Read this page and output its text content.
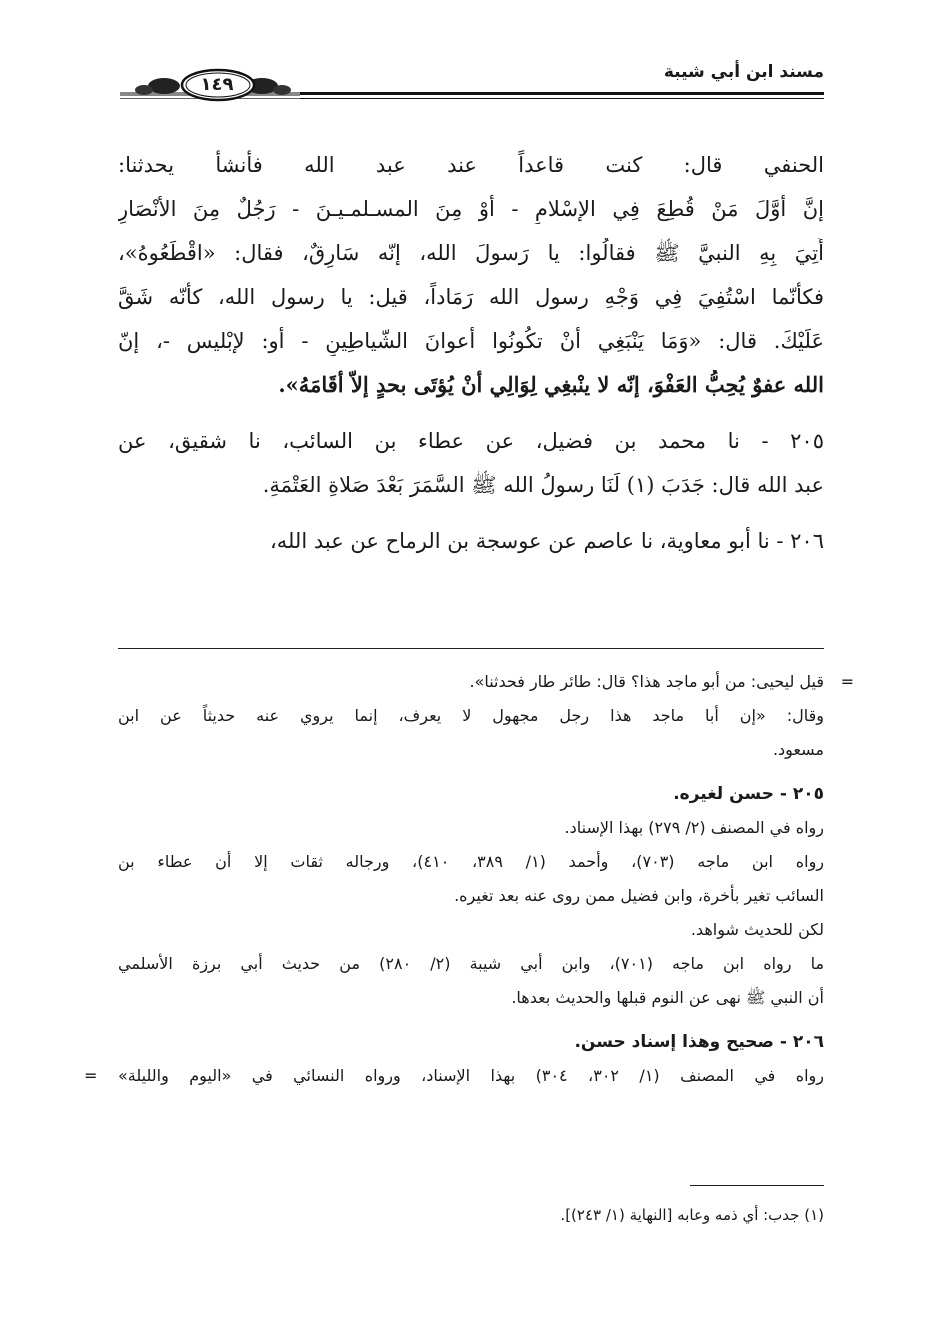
مسند ابن أبي شيبة
١٤٩
الحنفي قال: كنت قاعداً عند عبد الله فأنشأ يحدثنا:
إنَّ أوَّلَ مَنْ قُطِعَ فِي الإسْلامِ - أوْ مِنَ المسـلمـيـنَ - رَجُلٌ مِنَ الأنْصَارِ
أُتِيَ بِهِ النبيَّ ﷺ فقالُوا: يا رَسولَ الله، إنّه سَارِقٌ، فقال: «اقْطَعُوهُ»،
فكأنّما اسْتُفِيَ فِي وَجْهِ رسول الله رَمَاداً، قيل: يا رسول الله، كأنّه شَقَّ
عَلَيْكَ. قال: «وَمَا يَنْبَغِي أنْ تكُونُوا أعوانَ الشّياطِينِ - أو: لإبْليس -، إنّ
الله عفوٌ يُحِبُّ العَفْوَ، إنّه لا ينْبغِي لِوَالِي أنْ يُؤتَى بحدٍ إلاّ أقَامَهُ».
٢٠٥ - نا محمد بن فضيل، عن عطاء بن السائب، نا شقيق، عن
عبد الله قال: جَدَبَ (١) لَنَا رسولُ الله ﷺ السَّمَرَ بَعْدَ صَلاةِ العَتْمَةِ.
٢٠٦ - نا أبو معاوية، نا عاصم عن عوسجة بن الرماح عن عبد الله،
قيل ليحيى: من أبو ماجد هذا؟ قال: طائر طار فحدثنا». =
وقال: «إن أبا ماجد هذا رجل مجهول لا يعرف، إنما يروي عنه حديثاً عن ابن
مسعود.
٢٠٥ - حسن لغيره.
رواه في المصنف (٢/ ٢٧٩) بهذا الإسناد.
رواه ابن ماجه (٧٠٣)، وأحمد (١/ ٣٨٩، ٤١٠)، ورجاله ثقات إلا أن عطاء بن
السائب تغير بأخرة، وابن فضيل ممن روى عنه بعد تغيره.
لكن للحديث شواهد.
ما رواه ابن ماجه (٧٠١)، وابن أبي شيبة (٢/ ٢٨٠) من حديث أبي برزة الأسلمي
أن النبي ﷺ نهى عن النوم قبلها والحديث بعدها.
٢٠٦ - صحيح وهذا إسناد حسن.
رواه في المصنف (١/ ٣٠٢، ٣٠٤) بهذا الإسناد، ورواه النسائي في «اليوم والليلة»
=
(١) جدب: أي ذمه وعابه [النهاية (١/ ٢٤٣)].
